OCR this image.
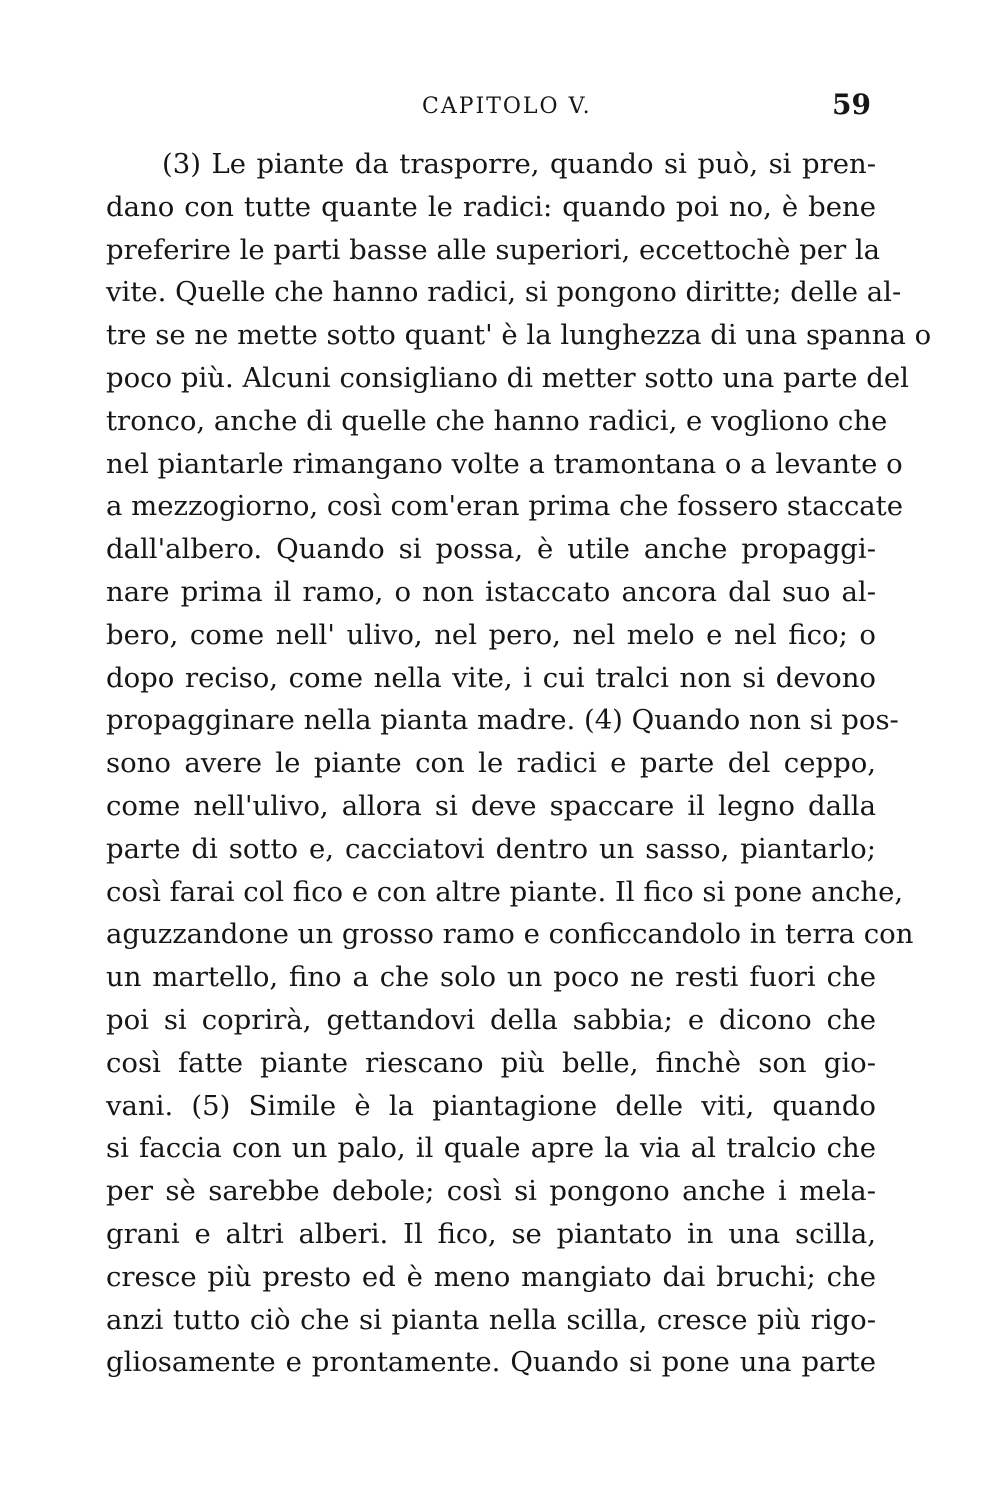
CAPITOLO V.	59
(3) Le piante da trasporre, quando si può, si pren-
dano con tutte quante le radici: quando poi no, è bene
preferire le parti basse alle superiori, eccettochè per la
vite. Quelle che hanno radici, si pongono diritte; delle al-
tre se ne mette sotto quant' è la lunghezza di una spanna o
poco più. Alcuni consigliano di metter sotto una parte del
tronco, anche di quelle che hanno radici, e vogliono che
nel piantarle rimangano volte a tramontana o a levante o
a mezzogiorno, così com'eran prima che fossero staccate
dall'albero. Quando si possa, è utile anche propaggi-
nare prima il ramo, o non istaccato ancora dal suo al-
bero, come nell' ulivo, nel pero, nel melo e nel fico; o
dopo reciso, come nella vite, i cui tralci non si devono
propagginare nella pianta madre. (4) Quando non si pos-
sono avere le piante con le radici e parte del ceppo,
come nell'ulivo, allora si deve spaccare il legno dalla
parte di sotto e, cacciatovi dentro un sasso, piantarlo;
così farai col fico e con altre piante. Il fico si pone anche,
aguzzandone un grosso ramo e conficcandolo in terra con
un martello, fino a che solo un poco ne resti fuori che
poi si coprirà, gettandovi della sabbia; e dicono che
così fatte piante riescano più belle, finchè son gio-
vani. (5) Simile è la piantagione delle viti, quando
si faccia con un palo, il quale apre la via al tralcio che
per sè sarebbe debole; così si pongono anche i mela-
grani e altri alberi. Il fico, se piantato in una scilla,
cresce più presto ed è meno mangiato dai bruchi; che
anzi tutto ciò che si pianta nella scilla, cresce più rigo-
gliosamente e prontamente. Quando si pone una parte
